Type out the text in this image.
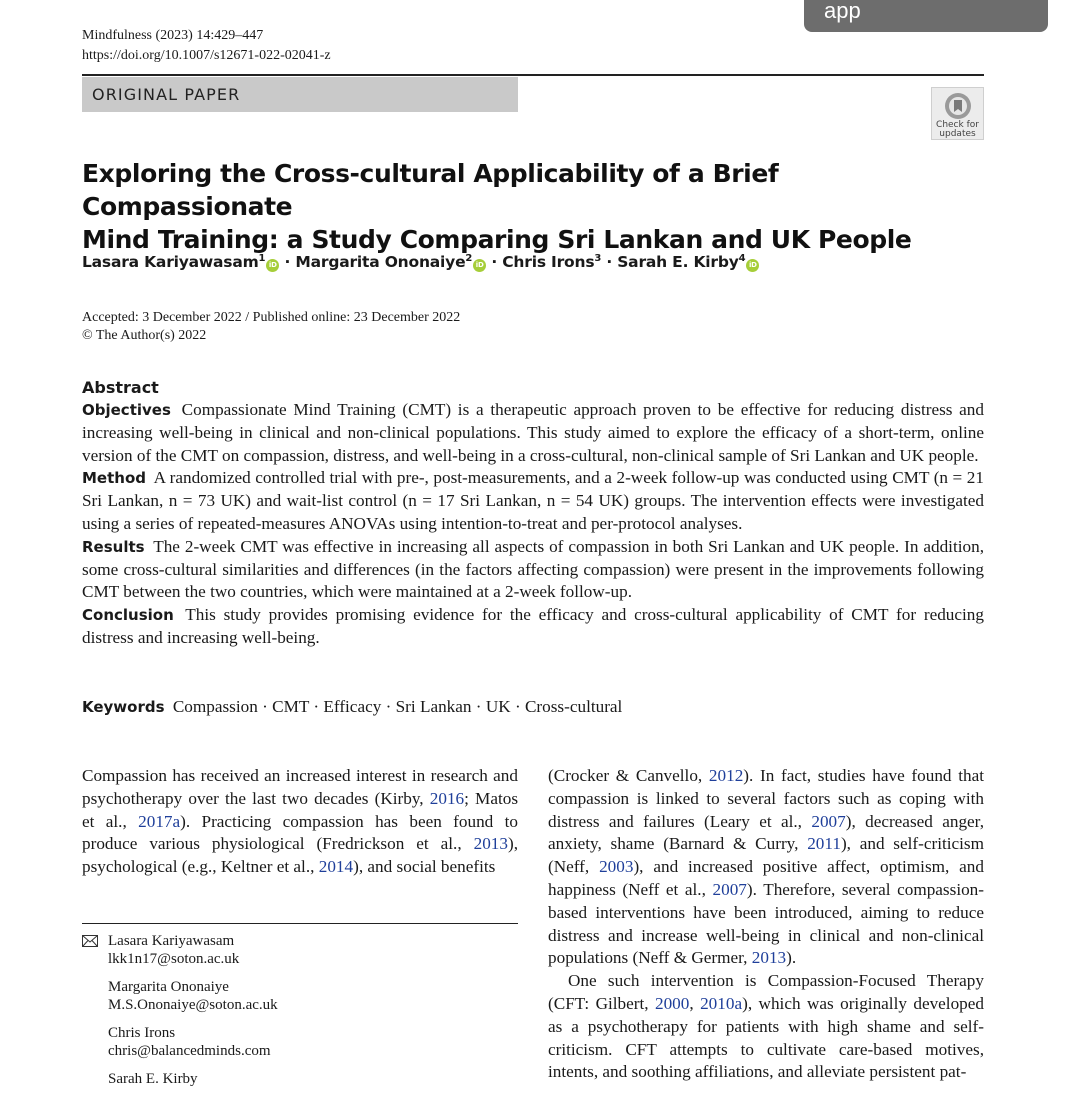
app
Mindfulness (2023) 14:429–447
https://doi.org/10.1007/s12671-022-02041-z
ORIGINAL PAPER
Check for
updates
Exploring the Cross-cultural Applicability of a Brief Compassionate
Mind Training: a Study Comparing Sri Lankan and UK People
Lasara Kariyawasam$^1$iD · Margarita Ononaiye$^2$iD · Chris Irons$^3$ · Sarah E. Kirby$^4$iD
Accepted: 3 December 2022 / Published online: 23 December 2022
© The Author(s) 2022
Abstract

Objectives Compassionate Mind Training (CMT) is a therapeutic approach proven to be effective for reducing distress and increasing well-being in clinical and non-clinical populations. This study aimed to explore the efficacy of a short-term, online version of the CMT on compassion, distress, and well-being in a cross-cultural, non-clinical sample of Sri Lankan and UK people.

Method A randomized controlled trial with pre-, post-measurements, and a 2-week follow-up was conducted using CMT (n = 21 Sri Lankan, n = 73 UK) and wait-list control (n = 17 Sri Lankan, n = 54 UK) groups. The intervention effects were investigated using a series of repeated-measures ANOVAs using intention-to-treat and per-protocol analyses.

Results The 2-week CMT was effective in increasing all aspects of compassion in both Sri Lankan and UK people. In addition, some cross-cultural similarities and differences (in the factors affecting compassion) were present in the improvements following CMT between the two countries, which were maintained at a 2-week follow-up.

Conclusion This study provides promising evidence for the efficacy and cross-cultural applicability of CMT for reducing distress and increasing well-being.

Keywords Compassion · CMT · Efficacy · Sri Lankan · UK · Cross-cultural

Compassion has received an increased interest in research and psychotherapy over the last two decades (Kirby, 2016; Matos et al., 2017a). Practicing compassion has been found to produce various physiological (Fredrickson et al., 2013), psychological (e.g., Keltner et al., 2014), and social benefits

Lasara Kariyawasam
lkk1n17@soton.ac.uk
Margarita Ononaiye
M.S.Ononaiye@soton.ac.uk
Chris Irons
chris@balancedminds.com
Sarah E. Kirby

(Crocker & Canvello, 2012). In fact, studies have found that compassion is linked to several factors such as coping with distress and failures (Leary et al., 2007), decreased anger, anxiety, shame (Barnard & Curry, 2011), and self-criticism (Neff, 2003), and increased positive affect, optimism, and happiness (Neff et al., 2007). Therefore, several compassion-based interventions have been introduced, aiming to reduce distress and increase well-being in clinical and non-clinical populations (Neff & Germer, 2013).

One such intervention is Compassion-Focused Therapy (CFT: Gilbert, 2000, 2010a), which was originally developed as a psychotherapy for patients with high shame and self-criticism. CFT attempts to cultivate care-based motives, intents, and soothing affiliations, and alleviate persistent pat-
